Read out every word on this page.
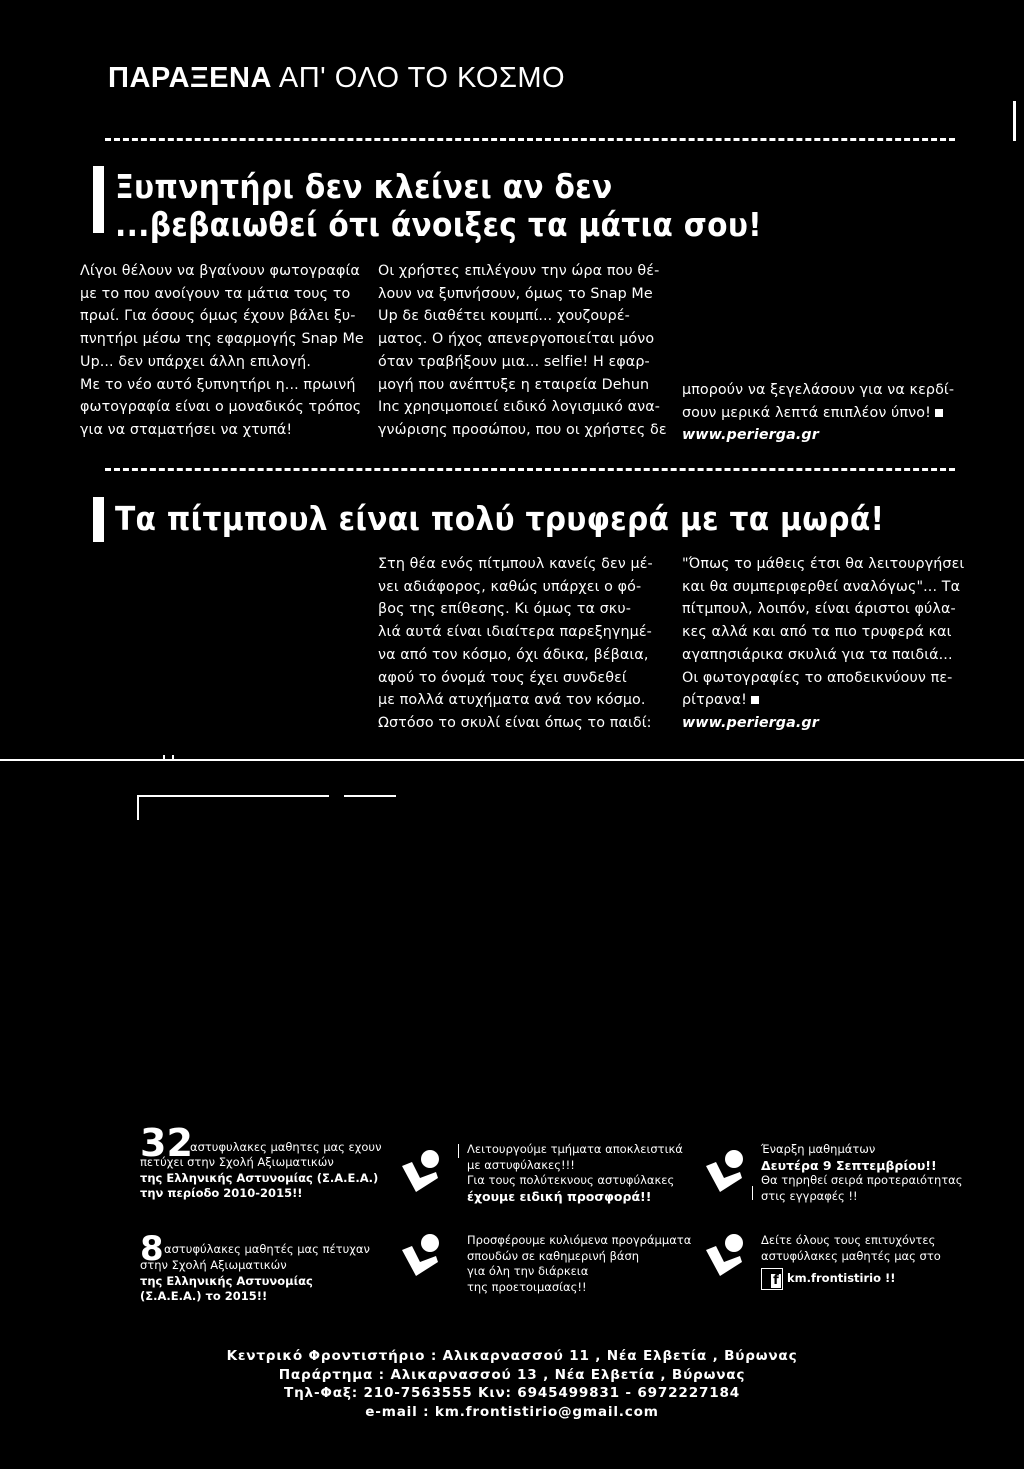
ΠΑΡΑΞΕΝΑ ΑΠ' ΟΛΟ ΤΟ ΚΟΣΜΟ
Ξυπνητήρι δεν κλείνει αν δεν
...βεβαιωθεί ότι άνοιξες τα μάτια σου!

Λίγοι θέλουν να βγαίνουν φωτογραφία

με το που ανοίγουν τα μάτια τους το

πρωί. Για όσους όμως έχουν βάλει ξυ-

πνητήρι μέσω της εφαρμογής Snap Me

Up... δεν υπάρχει άλλη επιλογή.

Με το νέο αυτό ξυπνητήρι η... πρωινή

φωτογραφία είναι ο μοναδικός τρόπος

για να σταματήσει να χτυπά!

Οι χρήστες επιλέγουν την ώρα που θέ-

λουν να ξυπνήσουν, όμως το Snap Me

Up δε διαθέτει κουμπί... χουζουρέ-

ματος. Ο ήχος απενεργοποιείται μόνο

όταν τραβήξουν μια... selfie! Η εφαρ-

μογή που ανέπτυξε η εταιρεία Dehun

Inc χρησιμοποιεί ειδικό λογισμικό ανα-

γνώρισης προσώπου, που οι χρήστες δε

μπορούν να ξεγελάσουν για να κερδί-

σουν μερικά λεπτά επιπλέον ύπνο!

www.perierga.gr

Τα πίτμπουλ είναι πολύ τρυφερά με τα μωρά!

Στη θέα ενός πίτμπουλ κανείς δεν μέ-

νει αδιάφορος, καθώς υπάρχει ο φό-

βος της επίθεσης. Κι όμως τα σκυ-

λιά αυτά είναι ιδιαίτερα παρεξηγημέ-

να από τον κόσμο, όχι άδικα, βέβαια,

αφού το όνομά τους έχει συνδεθεί

με πολλά ατυχήματα ανά τον κόσμο.

Ωστόσο το σκυλί είναι όπως το παιδί:

"Όπως το μάθεις έτσι θα λειτουργήσει

και θα συμπεριφερθεί αναλόγως"... Τα

πίτμπουλ, λοιπόν, είναι άριστοι φύλα-

κες αλλά και από τα πιο τρυφερά και

αγαπησιάρικα σκυλιά για τα παιδιά...

Οι φωτογραφίες το αποδεικνύουν πε-

ρίτρανα!

www.perierga.gr

32
αστυφυλακες μαθητες μας εχουν
πετύχει στην Σχολή Αξιωματικών
της Ελληνικής Αστυνομίας (Σ.Α.Ε.Α.)
την περίοδο 2010-2015!!
8 αστυφύλακες μαθητές μας πέτυχαν
στην Σχολή Αξιωματικών
της Ελληνικής Αστυνομίας
(Σ.Α.Ε.Α.) το 2015!!
Λειτουργούμε τμήματα αποκλειστικά
με αστυφύλακες!!!
Για τους πολύτεκνους αστυφύλακες
έχουμε ειδική προσφορά!!
Προσφέρουμε κυλιόμενα προγράμματα
σπουδών σε καθημερινή βάση
για όλη την διάρκεια
της προετοιμασίας!!
Έναρξη μαθημάτων
Δευτέρα 9 Σεπτεμβρίου!!
Θα τηρηθεί σειρά προτεραιότητας
στις εγγραφές !!
Δείτε όλους τους επιτυχόντες
αστυφύλακες μαθητές μας στο
f km.frontistirio !!
Κεντρικό Φροντιστήριο : Αλικαρνασσού 11 , Νέα Ελβετία , Βύρωνας
Παράρτημα : Αλικαρνασσού 13 , Νέα Ελβετία , Βύρωνας
Τηλ-Φαξ: 210-7563555 Κιν: 6945499831 - 6972227184
e-mail : km.frontistirio@gmail.com
